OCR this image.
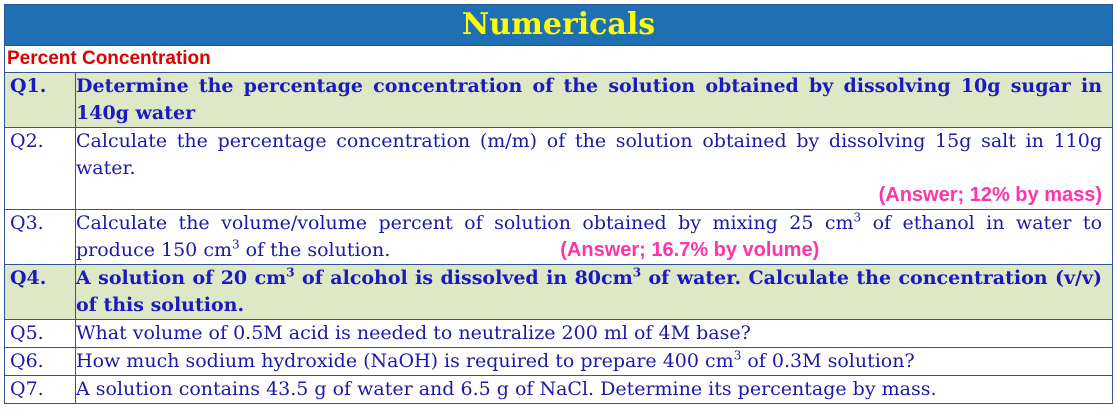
Numericals	
Percent Concentration	
Q1.	Determine the percentage concentration of the solution obtained by dissolving 10g sugar in 140g water
Q2.	Calculate the percentage concentration (m/m) of the solution obtained by dissolving 15g salt in 110g water.
(Answer; 12% by mass)

Q3.	Calculate the volume/volume percent of solution obtained by mixing 25 $cm^3$ of ethanol in water to produce 150 $cm^3$ of the solution. (Answer; 16.7% by volume)
Q4.	A solution of 20 $cm^3$ of alcohol is dissolved in $80cm^3$ of water. Calculate the concentration (v/v) of this solution.
Q5.	What volume of 0.5M acid is needed to neutralize 200 ml of 4M base?
Q6.	How much sodium hydroxide (NaOH) is required to prepare 400 $cm^3$ of 0.3M solution?
Q7.	A solution contains 43.5 g of water and 6.5 g of NaCl. Determine its percentage by mass.
